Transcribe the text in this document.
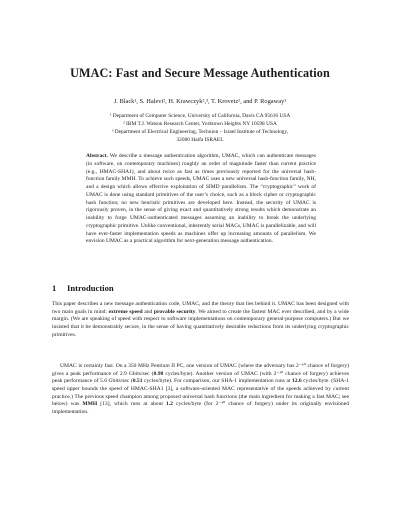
UMAC: Fast and Secure Message Authentication
J. Black¹, S. Halevi², H. Krawczyk²,³, T. Krovetz¹, and P. Rogaway¹
¹ Department of Computer Science, University of California, Davis CA 95616 USA
² IBM T.J. Watson Research Center, Yorktown Heights NY 10598 USA
³ Department of Electrical Engineering, Technion – Israel Institute of Technology,
32000 Haifa ISRAEL
Abstract. We describe a message authentication algorithm, UMAC, which can authenticate messages (in software, on contemporary machines) roughly an order of magnitude faster than current practice (e.g., HMAC-SHA1), and about twice as fast as times previously reported for the universal hash-function family MMH. To achieve such speeds, UMAC uses a new universal hash-function family, NH, and a design which allows effective exploitation of SIMD parallelism. The “cryptographic” work of UMAC is done using standard primitives of the user’s choice, such as a block cipher or cryptographic hash function; no new heuristic primitives are developed here. Instead, the security of UMAC is rigorously proven, in the sense of giving exact and quantitatively strong results which demonstrate an inability to forge UMAC-authenticated messages assuming an inability to break the underlying cryptographic primitive. Unlike conventional, inherently serial MACs, UMAC is parallelizable, and will have ever-faster implementation speeds as machines offer up increasing amounts of parallelism. We envision UMAC as a practical algorithm for next-generation message authentication.
1 Introduction
This paper describes a new message authentication code, UMAC, and the theory that lies behind it. UMAC has been designed with two main goals in mind: extreme speed and provable security. We aimed to create the fastest MAC ever described, and by a wide margin. (We are speaking of speed with respect to software implementations on contemporary general-purpose computers.) But we insisted that it be demonstrably secure, in the sense of having quantitatively desirable reductions from its underlying cryptographic primitives.
UMAC is certainly fast. On a 350 MHz Pentium II PC, one version of UMAC (where the adversary has 2⁻⁶⁰ chance of forgery) gives a peak performance of 2.9 Gbits/sec (0.98 cycles/byte). Another version of UMAC (with 2⁻³⁰ chance of forgery) achieves peak performance of 5.6 Gbits/sec (0.51 cycles/byte). For comparison, our SHA-1 implementation runs at 12.6 cycles/byte. (SHA-1 speed upper bounds the speed of HMAC-SHA1 [3], a software-oriented MAC representative of the speeds achieved by current practice.) The previous speed champion among proposed universal hash functions (the main ingredient for making a fast MAC; see below) was MMH [13], which runs at about 1.2 cycles/byte (for 2⁻³⁰ chance of forgery) under its originally envisioned implementation.
